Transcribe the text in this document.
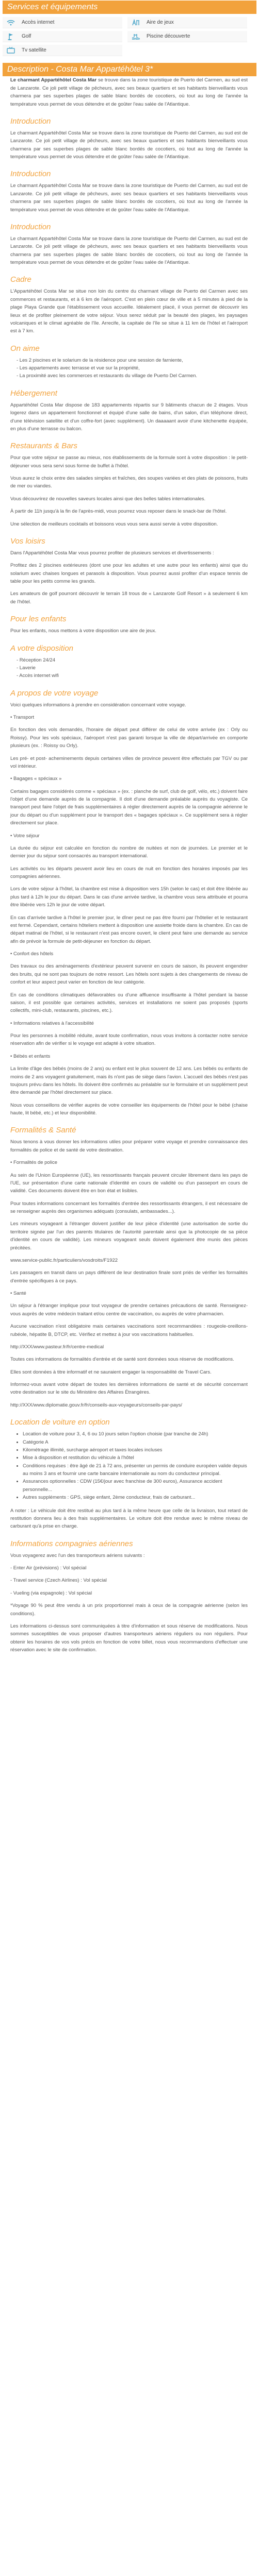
Services et équipements
Accès internet	Aire de jeux
Golf	Piscine découverte
Tv satellite
Description - Costa Mar Appartéhôtel 3*

Le charmant Appartéhôtel Costa Mar se trouve dans la zone touristique de Puerto del Carmen, au sud est de Lanzarote. Ce joli petit village de pêcheurs, avec ses beaux quartiers et ses habitants bienveillants vous charmera par ses superbes plages de sable blanc bordés de cocotiers, où tout au long de l'année la température vous permet de vous détendre et de goûter l'eau salée de l'Atlantique.

Introduction

Le charmant Appartéhôtel Costa Mar se trouve dans la zone touristique de Puerto del Carmen, au sud est de Lanzarote. Ce joli petit village de pêcheurs, avec ses beaux quartiers et ses habitants bienveillants vous charmera par ses superbes plages de sable blanc bordés de cocotiers, où tout au long de l'année la température vous permet de vous détendre et de goûter l'eau salée de l'Atlantique.

Introduction

Le charmant Appartéhôtel Costa Mar se trouve dans la zone touristique de Puerto del Carmen, au sud est de Lanzarote. Ce joli petit village de pêcheurs, avec ses beaux quartiers et ses habitants bienveillants vous charmera par ses superbes plages de sable blanc bordés de cocotiers, où tout au long de l'année la température vous permet de vous détendre et de goûter l'eau salée de l'Atlantique.

Introduction

Le charmant Appartéhôtel Costa Mar se trouve dans la zone touristique de Puerto del Carmen, au sud est de Lanzarote. Ce joli petit village de pêcheurs, avec ses beaux quartiers et ses habitants bienveillants vous charmera par ses superbes plages de sable blanc bordés de cocotiers, où tout au long de l'année la température vous permet de vous détendre et de goûter l'eau salée de l'Atlantique.

Cadre

L'Appartéhôtel Costa Mar se situe non loin du centre du charmant village de Puerto del Carmen avec ses commerces et restaurants, et à 6 km de l'aéroport. C'est en plein cœur de ville et à 5 minutes à pied de la plage Playa Grande que l'établissement vous accueille. Idéalement placé, il vous permet de découvrir les lieux et de profiter pleinement de votre séjour. Vous serez séduit par la beauté des plages, les paysages volcaniques et le climat agréable de l'île. Arrecife, la capitale de l'île se situe à 11 km de l'hôtel et l'aéroport est à 7 km.

On aime
- Les 2 piscines et le solarium de la résidence pour une session de farniente,
- Les appartements avec terrasse et vue sur la propriété,
- La proximité avec les commerces et restaurants du village de Puerto Del Carmen.
Hébergement

Appartéhôtel Costa Mar dispose de 183 appartements répartis sur 9 bâtiments chacun de 2 étages. Vous logerez dans un appartement fonctionnel et équipé d'une salle de bains, d'un salon, d'un téléphone direct, d'une télévision satellite et d'un coffre-fort (avec supplément). Un daaaaant avoir d'une kitchenette équipée, en plus d'une terrasse ou balcon.

Restaurants & Bars

Pour que votre séjour se passe au mieux, nos établissements de la formule sont à votre disposition : le petit-déjeuner vous sera servi sous forme de buffet à l'hôtel.

Vous aurez le choix entre des salades simples et fraîches, des soupes variées et des plats de poissons, fruits de mer ou viandes.

Vous découvrirez de nouvelles saveurs locales ainsi que des belles tables internationales.

À partir de 11h jusqu'à la fin de l'après-midi, vous pourrez vous reposer dans le snack-bar de l'hôtel.

Une sélection de meilleurs cocktails et boissons vous vous sera aussi servie à votre disposition.

Vos loisirs

Dans l'Appartéhôtel Costa Mar vous pourrez profiter de plusieurs services et divertissements :

Profitez des 2 piscines extérieures (dont une pour les adultes et une autre pour les enfants) ainsi que du solarium avec chaises longues et parasols à disposition. Vous pourrez aussi profiter d'un espace tennis de table pour les petits comme les grands.

Les amateurs de golf pourront découvrir le terrain 18 trous de « Lanzarote Golf Resort » à seulement 6 km de l'hôtel.

Pour les enfants

Pour les enfants, nous mettons à votre disposition une aire de jeux.

A votre disposition
- Réception 24/24
- Laverie
- Accès internet wifi
A propos de votre voyage

Voici quelques informations à prendre en considération concernant votre voyage.

• Transport

En fonction des vols demandés, l'horaire de départ peut différer de celui de votre arrivée (ex : Orly ou Roissy). Pour les vols spéciaux, l'aéroport n'est pas garanti lorsque la ville de départ/arrivée en comporte plusieurs (ex. : Roissy ou Orly).

Les pré- et post- acheminements depuis certaines villes de province peuvent être effectués par TGV ou par vol intérieur.

• Bagages « spéciaux »

Certains bagages considérés comme « spéciaux » (ex. : planche de surf, club de golf, vélo, etc.) doivent faire l'objet d'une demande auprès de la compagnie. Il doit d'une demande préalable auprès du voyagiste. Ce transport peut faire l'objet de frais supplémentaires à régler directement auprès de la compagnie aérienne le jour du départ ou d'un supplément pour le transport des « bagages spéciaux ». Ce supplément sera à régler directement sur place.

• Votre séjour

La durée du séjour est calculée en fonction du nombre de nuitées et non de journées. Le premier et le dernier jour du séjour sont consacrés au transport international.

Les activités ou les départs peuvent avoir lieu en cours de nuit en fonction des horaires imposés par les compagnies aériennes.

Lors de votre séjour à l'hôtel, la chambre est mise à disposition vers 15h (selon le cas) et doit être libérée au plus tard à 12h le jour du départ. Dans le cas d'une arrivée tardive, la chambre vous sera attribuée et pourra être libérée vers 12h le jour de votre départ.

En cas d'arrivée tardive à l'hôtel le premier jour, le dîner peut ne pas être fourni par l'hôtelier et le restaurant est fermé. Cependant, certains hôteliers mettent à disposition une assiette froide dans la chambre. En cas de départ matinal de l'hôtel, si le restaurant n'est pas encore ouvert, le client peut faire une demande au service afin de prévoir la formule de petit-déjeuner en fonction du départ.

• Confort des hôtels

Des travaux ou des aménagements d'extérieur peuvent survenir en cours de saison, ils peuvent engendrer des bruits, qui ne sont pas toujours de notre ressort. Les hôtels sont sujets à des changements de niveau de confort et leur aspect peut varier en fonction de leur catégorie.

En cas de conditions climatiques défavorables ou d'une affluence insuffisante à l'hôtel pendant la basse saison, il est possible que certaines activités, services et installations ne soient pas proposés (sports collectifs, mini-club, restaurants, piscines, etc.).

• Informations relatives à l'accessibilité

Pour les personnes à mobilité réduite, avant toute confirmation, nous vous invitons à contacter notre service réservation afin de vérifier si le voyage est adapté à votre situation.

• Bébés et enfants

La limite d'âge des bébés (moins de 2 ans) ou enfant est le plus souvent de 12 ans. Les bébés ou enfants de moins de 2 ans voyagent gratuitement, mais ils n'ont pas de siège dans l'avion. L'accueil des bébés n'est pas toujours prévu dans les hôtels. Ils doivent être confirmés au préalable sur le formulaire et un supplément peut être demandé par l'hôtel directement sur place.

Nous vous conseillons de vérifier auprès de votre conseiller les équipements de l'hôtel pour le bébé (chaise haute, lit bébé, etc.) et leur disponibilité.

Formalités & Santé

Nous tenons à vous donner les informations utiles pour préparer votre voyage et prendre connaissance des formalités de police et de santé de votre destination.

• Formalités de police

Au sein de l'Union Européenne (UE), les ressortissants français peuvent circuler librement dans les pays de l'UE, sur présentation d'une carte nationale d'identité en cours de validité ou d'un passeport en cours de validité. Ces documents doivent être en bon état et lisibles.

Pour toutes informations concernant les formalités d'entrée des ressortissants étrangers, il est nécessaire de se renseigner auprès des organismes adéquats (consulats, ambassades...).

Les mineurs voyageant à l'étranger doivent justifier de leur pièce d'identité (une autorisation de sortie du territoire signée par l'un des parents titulaires de l'autorité parentale ainsi que la photocopie de sa pièce d'identité en cours de validité). Les mineurs voyageant seuls doivent également être munis des pièces précitées.

www.service-public.fr/particuliers/vosdroits/F1922

Les passagers en transit dans un pays différent de leur destination finale sont priés de vérifier les formalités d'entrée spécifiques à ce pays.

• Santé

Un séjour à l'étranger implique pour tout voyageur de prendre certaines précautions de santé. Renseignez-vous auprès de votre médecin traitant et/ou centre de vaccination, ou auprès de votre pharmacien.

Aucune vaccination n'est obligatoire mais certaines vaccinations sont recommandées : rougeole-oreillons-rubéole, hépatite B, DTCP, etc. Vérifiez et mettez à jour vos vaccinations habituelles.

http://XXX/www.pasteur.fr/fr/centre-medical

Toutes ces informations de formalités d'entrée et de santé sont données sous réserve de modifications.

Elles sont données à titre informatif et ne sauraient engager la responsabilité de Travel Cars.

Informez-vous avant votre départ de toutes les dernières informations de santé et de sécurité concernant votre destination sur le site du Ministère des Affaires Étrangères.

http://XXX/www.diplomatie.gouv.fr/fr/conseils-aux-voyageurs/conseils-par-pays/

Location de voiture en option
• Location de voiture pour 3, 4, 6 ou 10 jours selon l'option choisie (par tranche de 24h)
• Catégorie A
• Kilométrage illimité, surcharge aéroport et taxes locales incluses
• Mise à disposition et restitution du véhicule à l'hôtel
• Conditions requises : être âgé de 21 à 72 ans, présenter un permis de conduire européen valide depuis au moins 3 ans et fournir une carte bancaire internationale au nom du conducteur principal.
• Assurances optionnelles : CDW (15€/jour avec franchise de 300 euros), Assurance accident personnelle...
• Autres suppléments : GPS, siège enfant, 2ème conducteur, frais de carburant...

A noter : Le véhicule doit être restitué au plus tard à la même heure que celle de la livraison, tout retard de restitution donnera lieu à des frais supplémentaires. Le voiture doit être rendue avec le même niveau de carburant qu'à prise en charge.

Informations compagnies aériennes

Vous voyagerez avec l'un des transporteurs aériens suivants :

- Enter Air (prévisions) : Vol spécial

- Travel service (Czech Airlines) : Vol spécial

- Vueling (via espagnole) : Vol spécial

*Voyage 90 % peut être vendu à un prix proportionnel mais à ceux de la compagnie aérienne (selon les conditions).

Les informations ci-dessus sont communiquées à titre d'information et sous réserve de modifications. Nous sommes susceptibles de vous proposer d'autres transporteurs aériens réguliers ou non réguliers. Pour obtenir les horaires de vos vols précis en fonction de votre billet, nous vous recommandons d'effectuer une réservation avec le site de confirmation.
